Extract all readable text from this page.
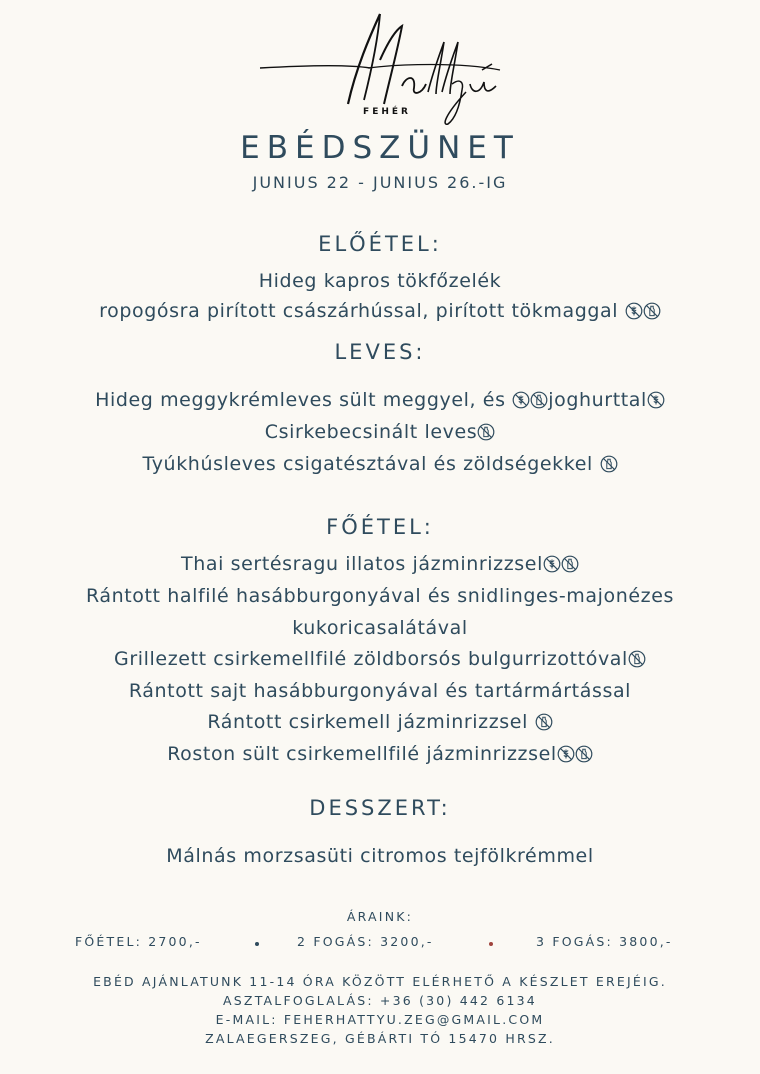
FEHÉR
EBÉDSZÜNET
JUNIUS 22 - JUNIUS 26.-IG
ELŐÉTEL:
Hideg kapros tökfőzelék
ropogósra pirított császárhússal, pirított tökmaggal
LEVES:
Hideg meggykrémleves sült meggyel, és
joghurttal
Csirkebecsinált leves
Tyúkhúsleves csigatésztával és zöldségekkel
FŐÉTEL:
Thai sertésragu illatos jázminrizzsel
Rántott halfilé hasábburgonyával és snidlinges-majonézes
kukoricasalátával
Grillezett csirkemellfilé zöldborsós bulgurrizottóval
Rántott sajt hasábburgonyával és tartármártással
Rántott csirkemell jázminrizzsel
Roston sült csirkemellfilé jázminrizzsel
DESSZERT:
Málnás morzsasüti citromos tejfölkrémmel
ÁRAINK:
FŐÉTEL: 2700,-	2 FOGÁS: 3200,-	3 FOGÁS: 3800,-
EBÉD AJÁNLATUNK 11-14 ÓRA KÖZÖTT ELÉRHETŐ A KÉSZLET EREJÉIG.
ASZTALFOGLALÁS: +36 (30) 442 6134
E-MAIL: FEHERHATTYU.ZEG@GMAIL.COM
ZALAEGERSZEG, GÉBÁRTI TÓ 15470 HRSZ.
